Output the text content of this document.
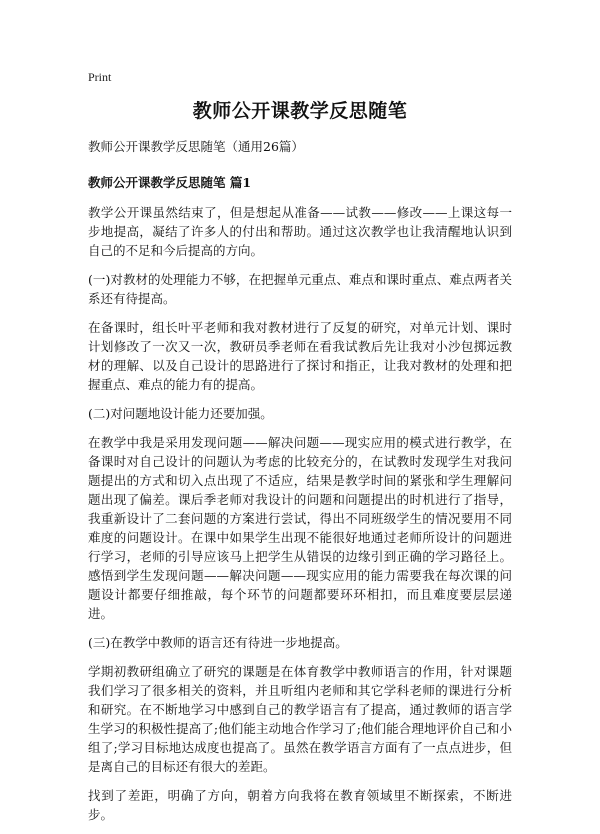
Print
教师公开课教学反思随笔
教师公开课教学反思随笔（通用26篇）
教师公开课教学反思随笔 篇1

教学公开课虽然结束了，但是想起从准备——试教——修改——上课这每一步地提高，凝结了许多人的付出和帮助。通过这次教学也让我清醒地认识到自己的不足和今后提高的方向。

(一)对教材的处理能力不够，在把握单元重点、难点和课时重点、难点两者关系还有待提高。

在备课时，组长叶平老师和我对教材进行了反复的研究，对单元计划、课时计划修改了一次又一次，教研员季老师在看我试教后先让我对小沙包掷远教材的理解、以及自己设计的思路进行了探讨和指正，让我对教材的处理和把握重点、难点的能力有的提高。

(二)对问题地设计能力还要加强。

在教学中我是采用发现问题——解决问题——现实应用的模式进行教学，在备课时对自己设计的问题认为考虑的比较充分的，在试教时发现学生对我问题提出的方式和切入点出现了不适应，结果是教学时间的紧张和学生理解问题出现了偏差。课后季老师对我设计的问题和问题提出的时机进行了指导，我重新设计了二套问题的方案进行尝试，得出不同班级学生的情况要用不同难度的问题设计。在课中如果学生出现不能很好地通过老师所设计的问题进行学习，老师的引导应该马上把学生从错误的边缘引到正确的学习路径上。感悟到学生发现问题——解决问题——现实应用的能力需要我在每次课的问题设计都要仔细推敲，每个环节的问题都要环环相扣，而且难度要层层递进。

(三)在教学中教师的语言还有待进一步地提高。

学期初教研组确立了研究的课题是在体育教学中教师语言的作用，针对课题我们学习了很多相关的资料，并且听组内老师和其它学科老师的课进行分析和研究。在不断地学习中感到自己的教学语言有了提高，通过教师的语言学生学习的积极性提高了;他们能主动地合作学习了;他们能合理地评价自己和小组了;学习目标地达成度也提高了。虽然在教学语言方面有了一点点进步，但是离自己的目标还有很大的差距。

找到了差距，明确了方向，朝着方向我将在教育领域里不断探索，不断进步。
